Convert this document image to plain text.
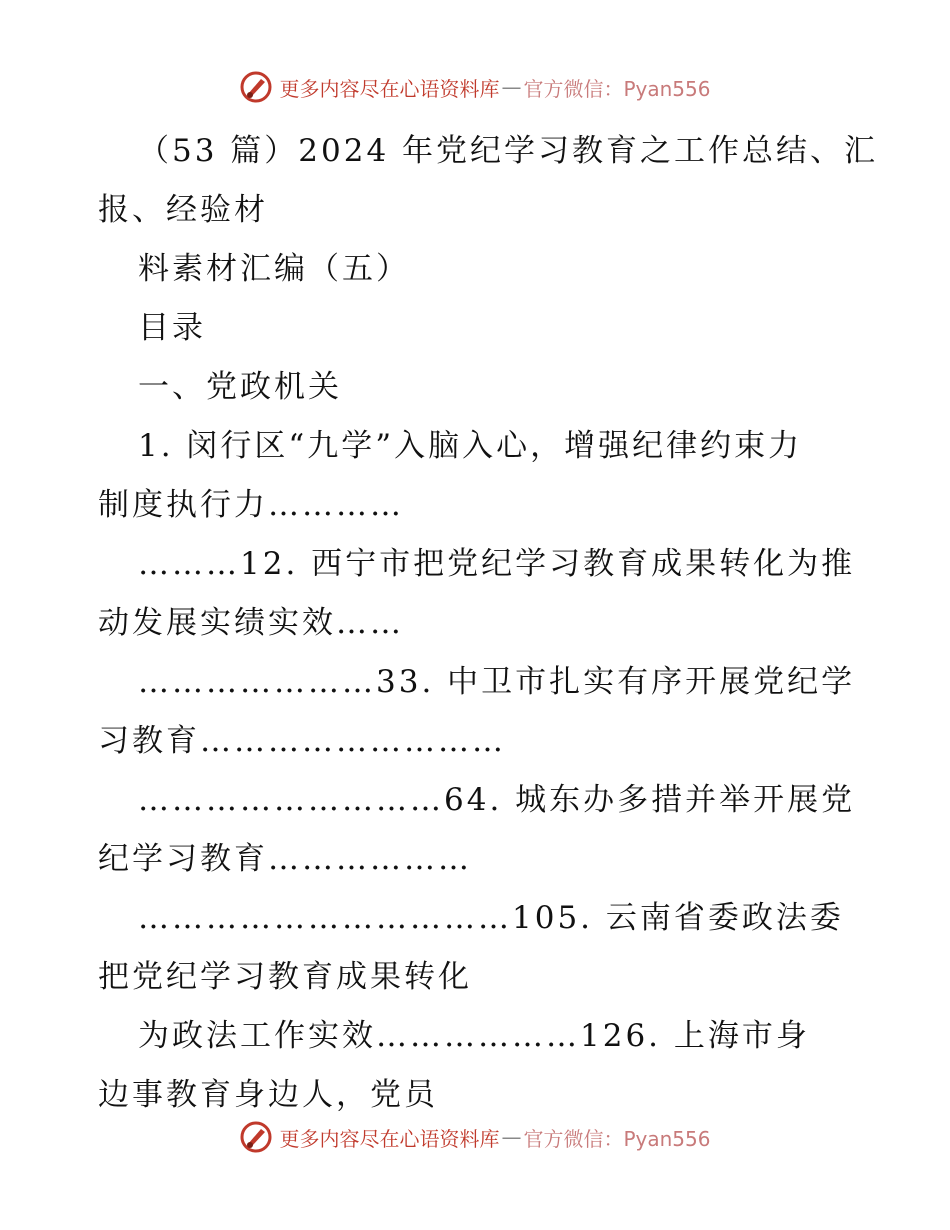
更多内容尽在心语资料库 — 官方微信：Pyan556
（53 篇）2024 年党纪学习教育之工作总结、汇
报、经验材
料素材汇编（五）
目录
一、党政机关
1. 闵行区“九学”入脑入心，增强纪律约束力
制度执行力…………
………12. 西宁市把党纪学习教育成果转化为推
动发展实绩实效……
…………………33. 中卫市扎实有序开展党纪学
习教育………………………
………………………64. 城东办多措并举开展党
纪学习教育………………
……………………………105. 云南省委政法委
把党纪学习教育成果转化
为政法工作实效………………126. 上海市身
边事教育身边人，党员
更多内容尽在心语资料库 — 官方微信：Pyan556
